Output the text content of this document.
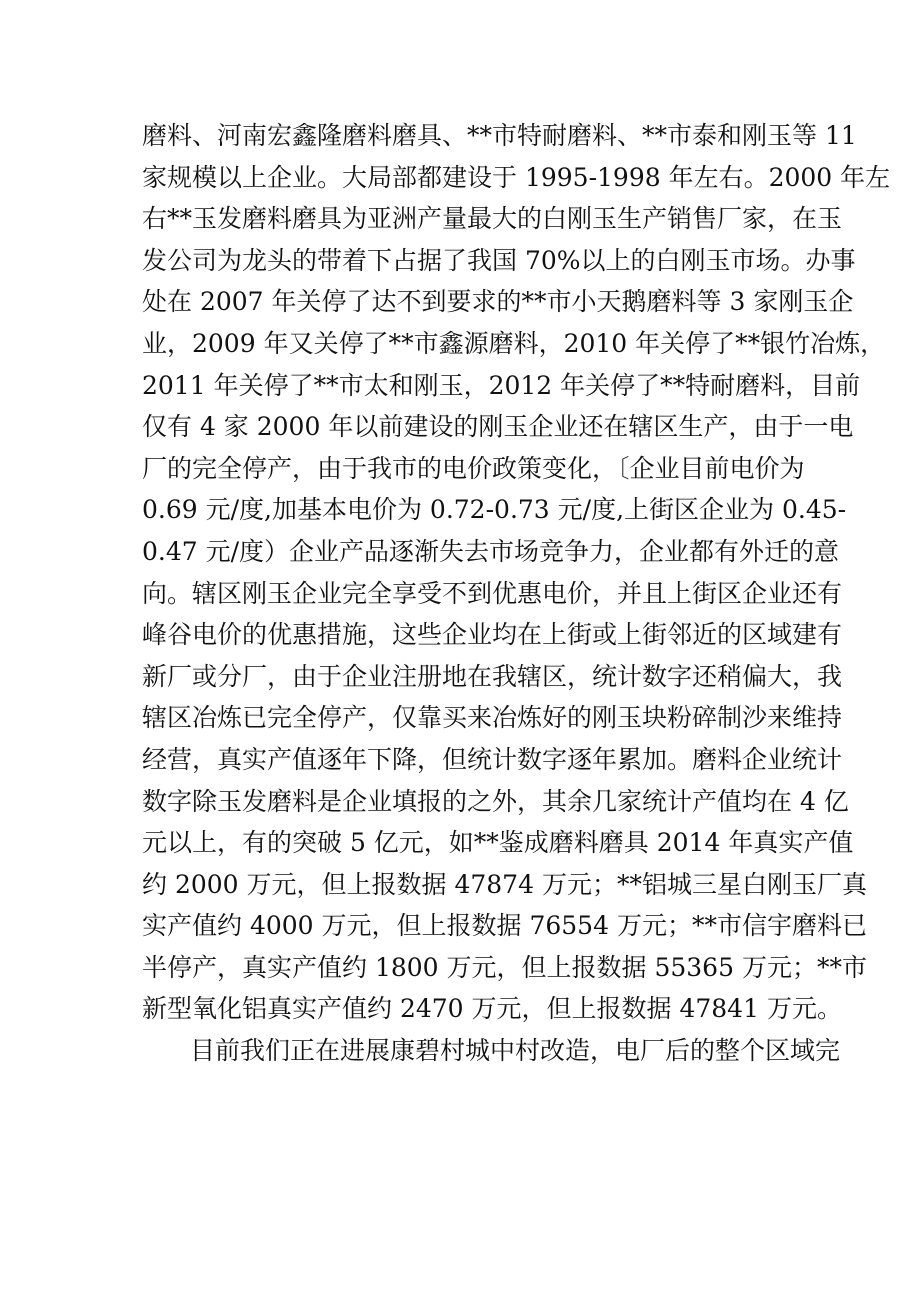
磨料、河南宏鑫隆磨料磨具、**市特耐磨料、**市泰和刚玉等 11
家规模以上企业。大局部都建设于 1995-1998 年左右。2000 年左
右**玉发磨料磨具为亚洲产量最大的白刚玉生产销售厂家，在玉
发公司为龙头的带着下占据了我国 70%以上的白刚玉市场。办事
处在 2007 年关停了达不到要求的**市小天鹅磨料等 3 家刚玉企
业，2009 年又关停了**市鑫源磨料，2010 年关停了**银竹冶炼，
2011 年关停了**市太和刚玉，2012 年关停了**特耐磨料，目前
仅有 4 家 2000 年以前建设的刚玉企业还在辖区生产，由于一电
厂的完全停产，由于我市的电价政策变化，〔企业目前电价为
0.69 元/度,加基本电价为 0.72-0.73 元/度,上街区企业为 0.45-
0.47 元/度）企业产品逐渐失去市场竞争力，企业都有外迁的意
向。辖区刚玉企业完全享受不到优惠电价，并且上街区企业还有
峰谷电价的优惠措施，这些企业均在上街或上街邻近的区域建有
新厂或分厂，由于企业注册地在我辖区，统计数字还稍偏大，我
辖区冶炼已完全停产，仅靠买来冶炼好的刚玉块粉碎制沙来维持
经营，真实产值逐年下降，但统计数字逐年累加。磨料企业统计
数字除玉发磨料是企业填报的之外，其余几家统计产值均在 4 亿
元以上，有的突破 5 亿元，如**鉴成磨料磨具 2014 年真实产值
约 2000 万元，但上报数据 47874 万元；**铝城三星白刚玉厂真
实产值约 4000 万元，但上报数据 76554 万元；**市信宇磨料已
半停产，真实产值约 1800 万元，但上报数据 55365 万元；**市
新型氧化铝真实产值约 2470 万元，但上报数据 47841 万元。
目前我们正在进展康碧村城中村改造，电厂后的整个区域完
